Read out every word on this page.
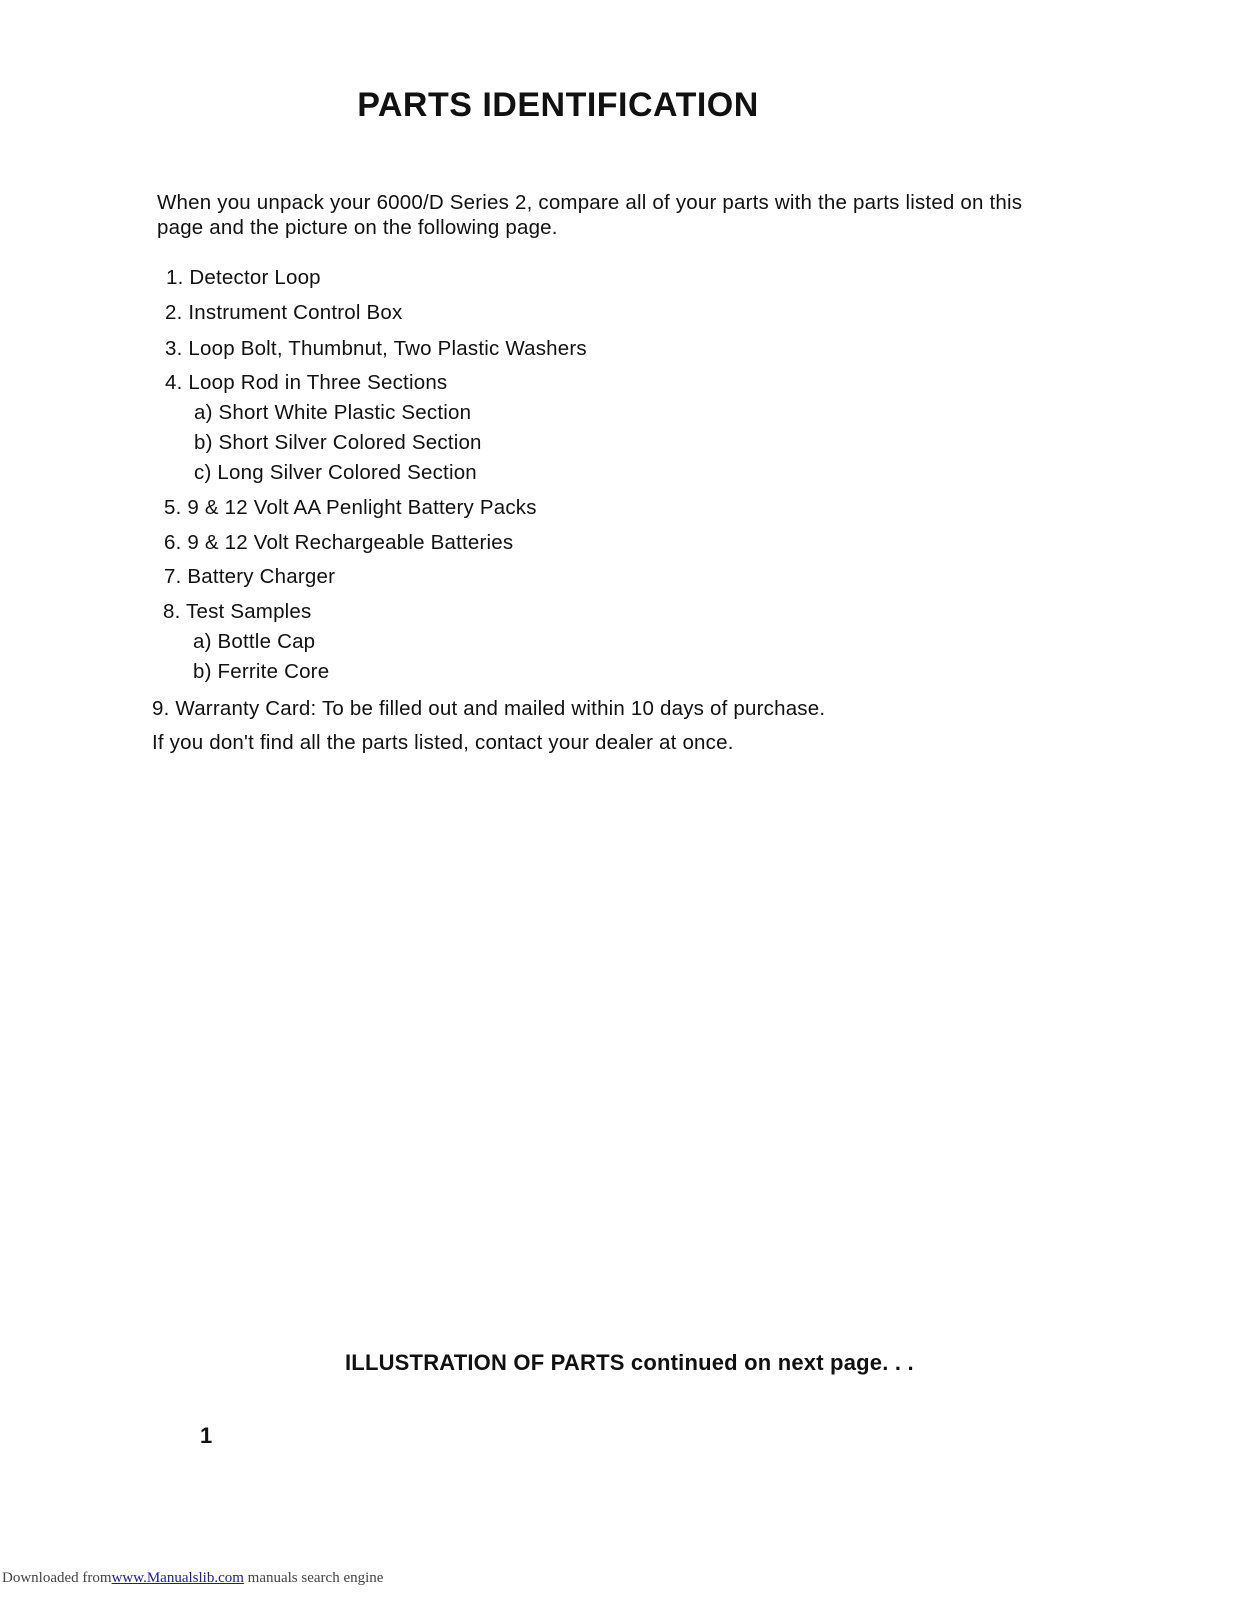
PARTS IDENTIFICATION

When you unpack your 6000/D Series 2, compare all of your parts with the parts listed on this page and the picture on the following page.

1. Detector Loop
2. Instrument Control Box
3. Loop Bolt, Thumbnut, Two Plastic Washers
4. Loop Rod in Three Sections
a) Short White Plastic Section
b) Short Silver Colored Section
c) Long Silver Colored Section
5. 9 & 12 Volt AA Penlight Battery Packs
6. 9 & 12 Volt Rechargeable Batteries
7. Battery Charger
8. Test Samples
a) Bottle Cap
b) Ferrite Core
9. Warranty Card: To be filled out and mailed within 10 days of purchase.
If you don't find all the parts listed, contact your dealer at once.
ILLUSTRATION OF PARTS continued on next page. . .
1
Downloaded fromwww.Manualslib.com manuals search engine
